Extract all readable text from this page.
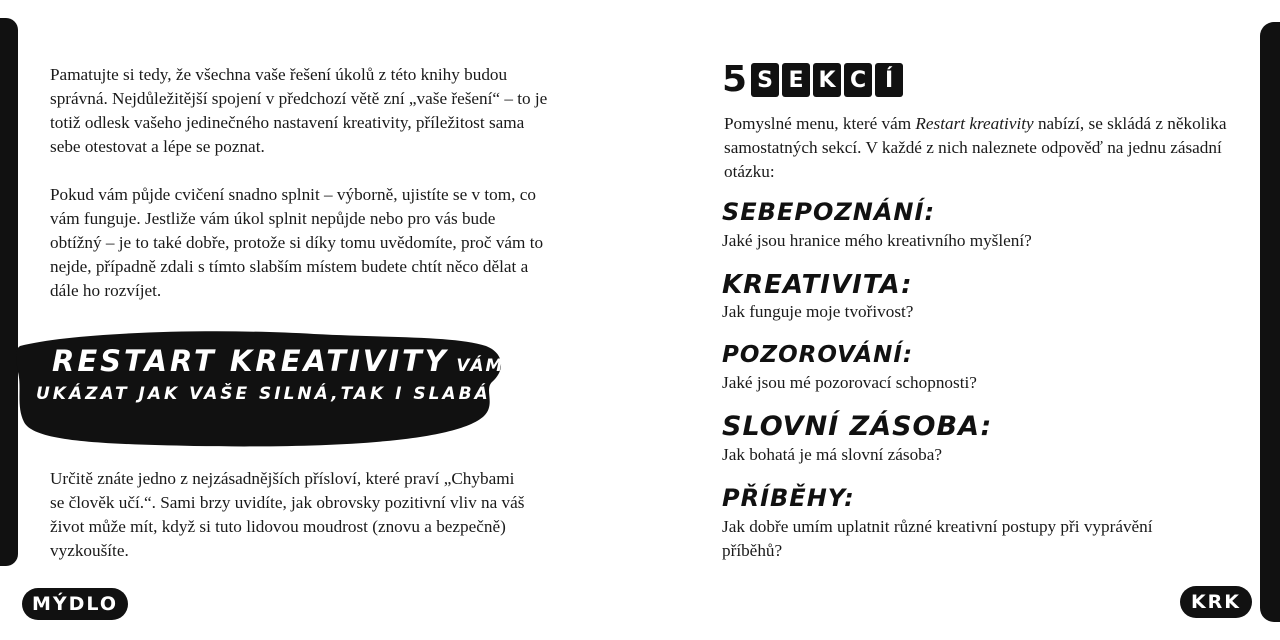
Pamatujte si tedy, že všechna vaše řešení úkolů z této knihy budou správná. Nejdůležitější spojení v předchozí větě zní „vaše řešení“ – to je totiž odlesk vašeho jedinečného nastavení kreativity, příležitost sama sebe otestovat a lépe se poznat.

Pokud vám půjde cvičení snadno splnit – výborně, ujistíte se v tom, co vám funguje. Jestliže vám úkol splnit nepůjde nebo pro vás bude obtížný – je to také dobře, protože si díky tomu uvědomíte, proč vám to nejde, případně zdali s tímto slabším místem budete chtít něco dělat a dále ho rozvíjet.

RESTART KREATIVITY VÁM MÁ
UKÁZAT JAK VAŠE SILNÁ,TAK I SLABÁ MÍSTA.

Určitě znáte jedno z nejzásadnějších přísloví, které praví „Chybami se člověk učí.“. Sami brzy uvidíte, jak obrovsky pozitivní vliv na váš život může mít, když si tuto lidovou moudrost (znovu a bezpečně) vyzkoušíte.

MÝDLO
5 S E K C Í

Pomyslné menu, které vám Restart kreativity nabízí, se skládá z několika samostatných sekcí. V každé z nich naleznete odpověď na jednu zásadní otázku:

SEBEPOZNÁNÍ:

Jaké jsou hranice mého kreativního myšlení?

KREATIVITA:

Jak funguje moje tvořivost?

POZOROVÁNÍ:

Jaké jsou mé pozorovací schopnosti?

SLOVNÍ ZÁSOBA:

Jak bohatá je má slovní zásoba?

PŘÍBĚHY:

Jak dobře umím uplatnit různé kreativní postupy při vyprávění příběhů?

KRK
